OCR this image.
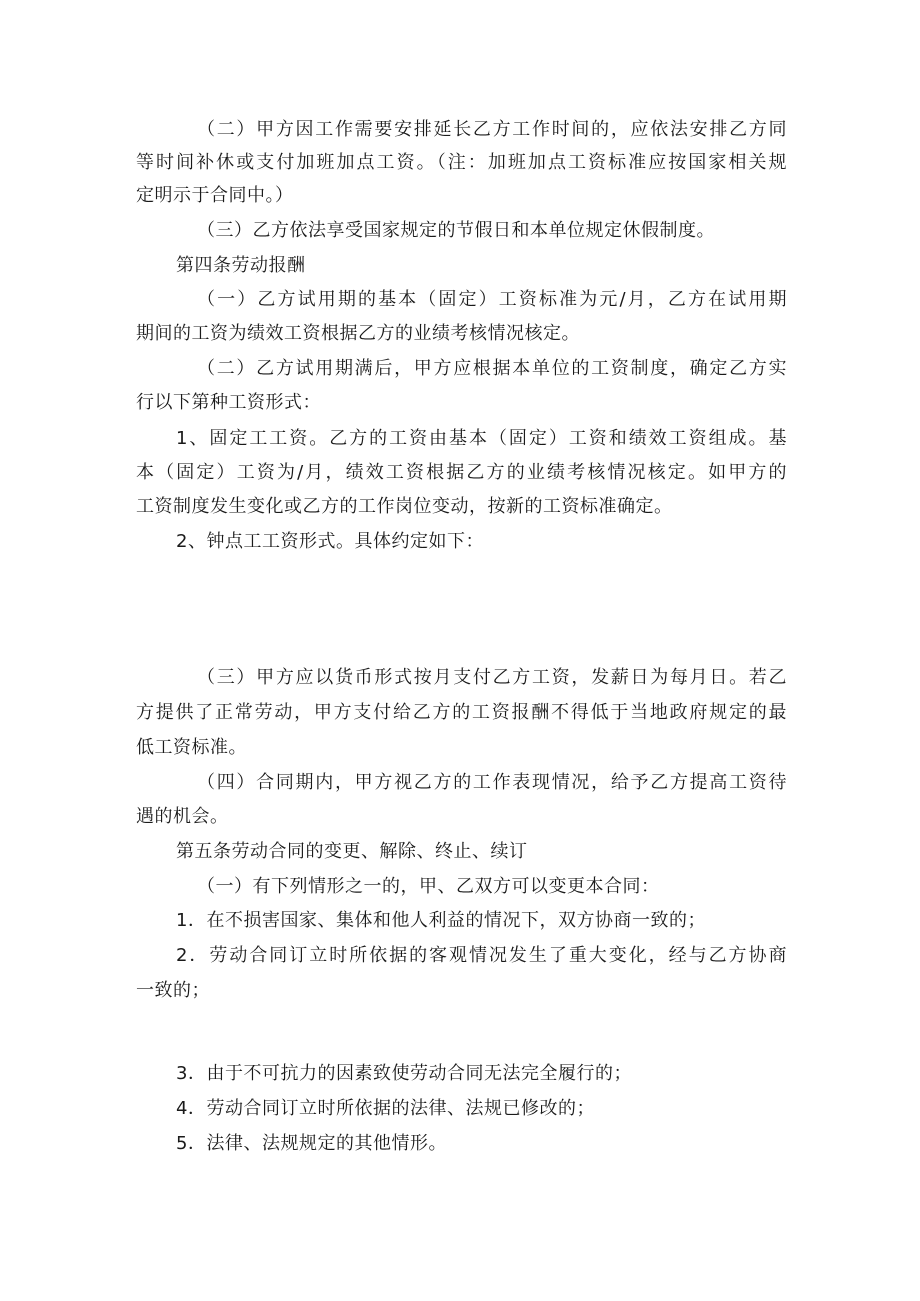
（二）甲方因工作需要安排延长乙方工作时间的，应依法安排乙方同
等时间补休或支付加班加点工资。（注：加班加点工资标准应按国家相关规
定明示于合同中。）
（三）乙方依法享受国家规定的节假日和本单位规定休假制度。
第四条劳动报酬
（一）乙方试用期的基本（固定）工资标准为元/月，乙方在试用期
期间的工资为绩效工资根据乙方的业绩考核情况核定。
（二）乙方试用期满后，甲方应根据本单位的工资制度，确定乙方实
行以下第种工资形式：
1、固定工工资。乙方的工资由基本（固定）工资和绩效工资组成。基
本（固定）工资为/月，绩效工资根据乙方的业绩考核情况核定。如甲方的
工资制度发生变化或乙方的工作岗位变动，按新的工资标准确定。
2、钟点工工资形式。具体约定如下：
（三）甲方应以货币形式按月支付乙方工资，发薪日为每月日。若乙
方提供了正常劳动，甲方支付给乙方的工资报酬不得低于当地政府规定的最
低工资标准。
（四）合同期内，甲方视乙方的工作表现情况，给予乙方提高工资待
遇的机会。
第五条劳动合同的变更、解除、终止、续订
（一）有下列情形之一的，甲、乙双方可以变更本合同：
1．在不损害国家、集体和他人利益的情况下，双方协商一致的；
2．劳动合同订立时所依据的客观情况发生了重大变化，经与乙方协商
一致的；
3．由于不可抗力的因素致使劳动合同无法完全履行的；
4．劳动合同订立时所依据的法律、法规已修改的；
5．法律、法规规定的其他情形。
